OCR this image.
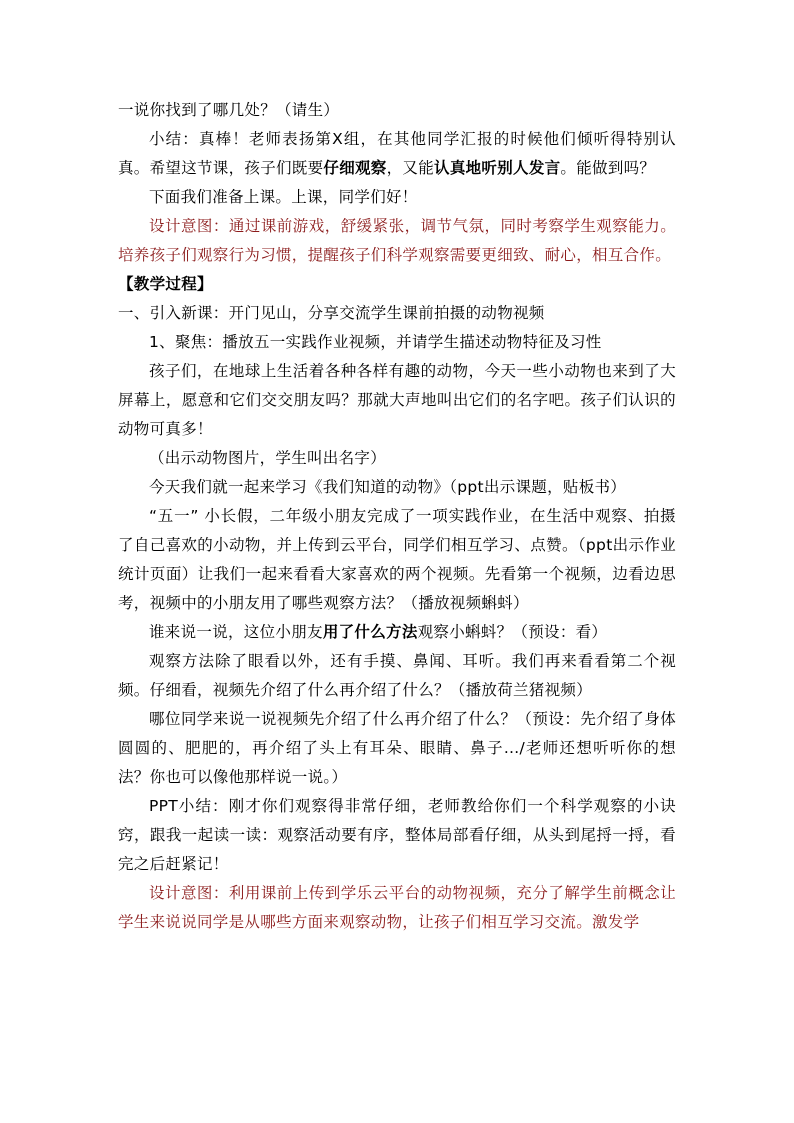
一说你找到了哪几处？（请生）

小结：真棒！老师表扬第X组，在其他同学汇报的时候他们倾听得特别认真。希望这节课，孩子们既要仔细观察，又能认真地听别人发言。能做到吗？

下面我们准备上课。上课，同学们好！

设计意图：通过课前游戏，舒缓紧张，调节气氛，同时考察学生观察能力。培养孩子们观察行为习惯，提醒孩子们科学观察需要更细致、耐心，相互合作。

【教学过程】

一、引入新课：开门见山，分享交流学生课前拍摄的动物视频

1、聚焦：播放五一实践作业视频，并请学生描述动物特征及习性

孩子们，在地球上生活着各种各样有趣的动物，今天一些小动物也来到了大屏幕上，愿意和它们交交朋友吗？那就大声地叫出它们的名字吧。孩子们认识的动物可真多！

（出示动物图片，学生叫出名字）

今天我们就一起来学习《我们知道的动物》（ppt出示课题，贴板书）

“五一” 小长假，二年级小朋友完成了一项实践作业，在生活中观察、拍摄了自己喜欢的小动物，并上传到云平台，同学们相互学习、点赞。（ppt出示作业统计页面）让我们一起来看看大家喜欢的两个视频。先看第一个视频，边看边思考，视频中的小朋友用了哪些观察方法？（播放视频蝌蚪）

谁来说一说，这位小朋友用了什么方法观察小蝌蚪？（预设：看）

观察方法除了眼看以外，还有手摸、鼻闻、耳听。我们再来看看第二个视频。仔细看，视频先介绍了什么再介绍了什么？（播放荷兰猪视频）

哪位同学来说一说视频先介绍了什么再介绍了什么？（预设：先介绍了身体圆圆的、肥肥的，再介绍了头上有耳朵、眼睛、鼻子…/老师还想听听你的想法？你也可以像他那样说一说。）

PPT小结：刚才你们观察得非常仔细，老师教给你们一个科学观察的小诀窍，跟我一起读一读：观察活动要有序，整体局部看仔细，从头到尾捋一捋，看完之后赶紧记！

设计意图：利用课前上传到学乐云平台的动物视频，充分了解学生前概念让学生来说说同学是从哪些方面来观察动物，让孩子们相互学习交流。激发学
